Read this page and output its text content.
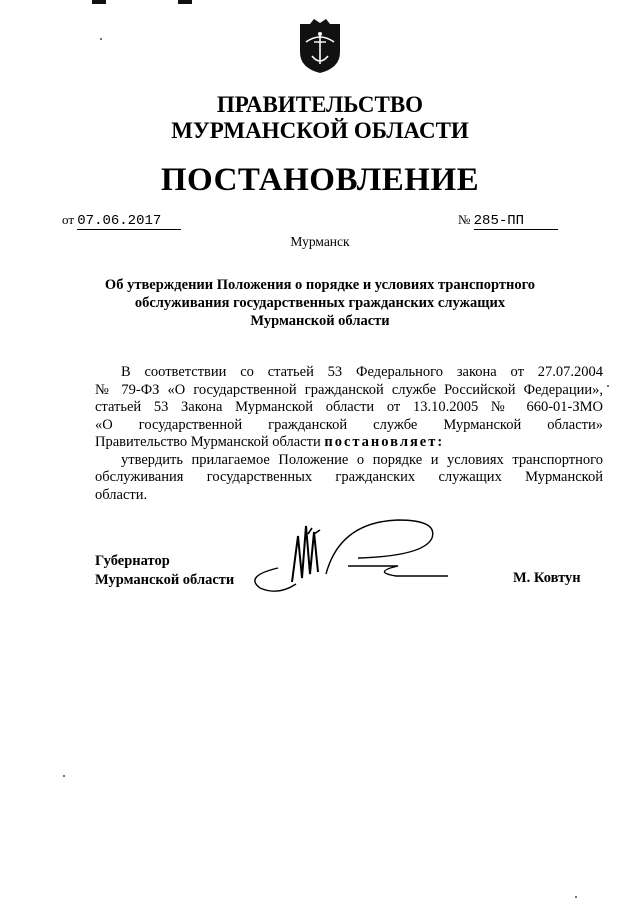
ПРАВИТЕЛЬСТВО
МУРМАНСКОЙ ОБЛАСТИ
ПОСТАНОВЛЕНИЕ
от 07.06.2017	№ 285-ПП
Мурманск
Об утверждении Положения о порядке и условиях транспортного
обслуживания государственных гражданских служащих
Мурманской области
В соответствии со статьей 53 Федерального закона от 27.07.2004
№ 79-ФЗ «О государственной гражданской службе Российской Федерации»,
статьей 53 Закона Мурманской области от 13.10.2005 № 660-01-ЗМО
«О государственной гражданской службе Мурманской области»
Правительство Мурманской области постановляет:
утвердить прилагаемое Положение о порядке и условиях транспортного
обслуживания государственных гражданских служащих Мурманской
области.
Губернатор
Мурманской области	М. Ковтун
